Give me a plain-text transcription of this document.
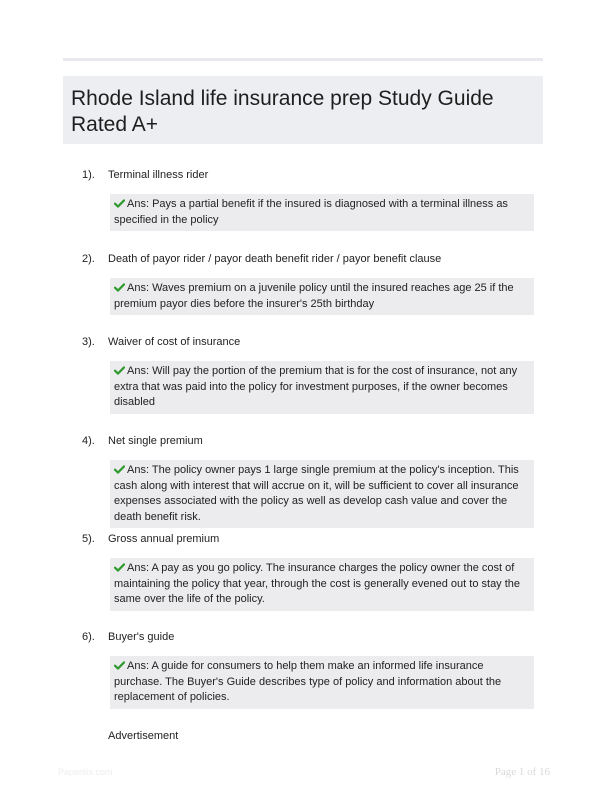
Rhode Island life insurance prep Study Guide Rated A+
1). Terminal illness rider
Ans: Pays a partial benefit if the insured is diagnosed with a terminal illness as specified in the policy
2). Death of payor rider / payor death benefit rider / payor benefit clause
Ans: Waves premium on a juvenile policy until the insured reaches age 25 if the premium payor dies before the insurer's 25th birthday
3). Waiver of cost of insurance
Ans: Will pay the portion of the premium that is for the cost of insurance, not any extra that was paid into the policy for investment purposes, if the owner becomes disabled
4). Net single premium
Ans: The policy owner pays 1 large single premium at the policy's inception. This cash along with interest that will accrue on it, will be sufficient to cover all insurance expenses associated with the policy as well as develop cash value and cover the death benefit risk.
5). Gross annual premium
Ans: A pay as you go policy. The insurance charges the policy owner the cost of maintaining the policy that year, through the cost is generally evened out to stay the same over the life of the policy.
6). Buyer's guide
Ans: A guide for consumers to help them make an informed life insurance purchase. The Buyer's Guide describes type of policy and information about the replacement of policies.
Advertisement
Paperlibi.com	Page 1 of 16
